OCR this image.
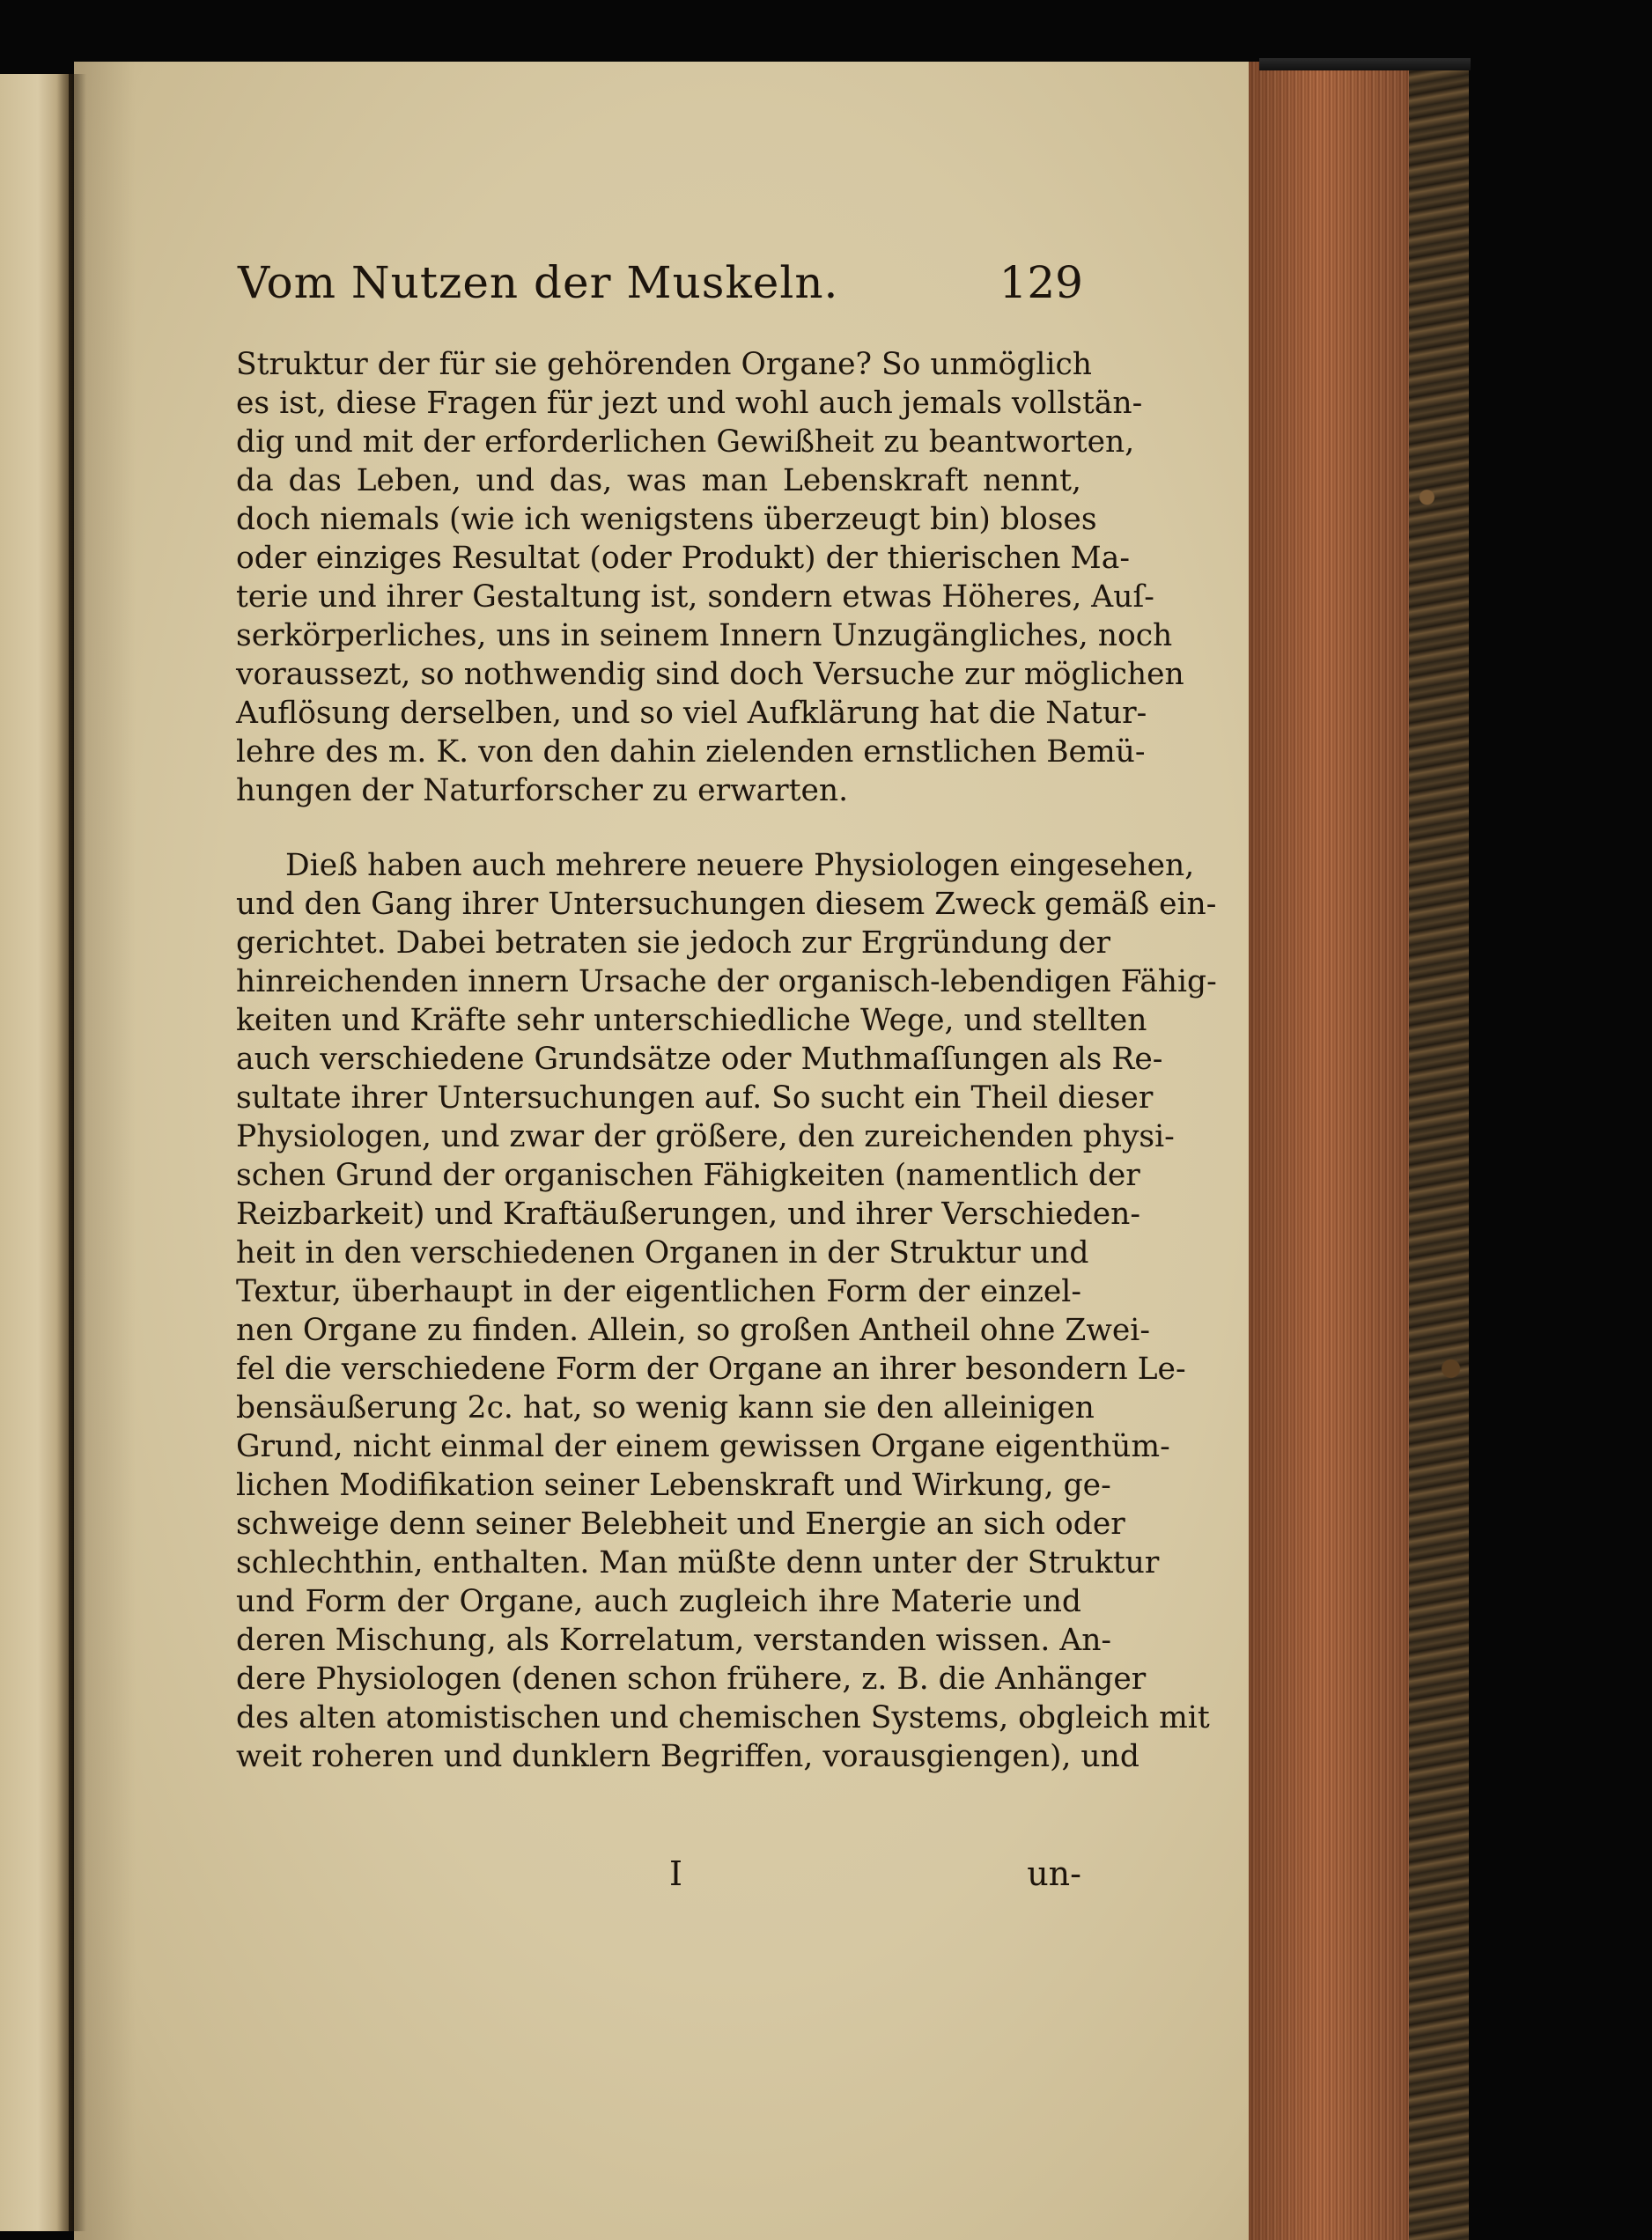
Vom Nutzen der Muskeln.	129
Struktur der für sie gehörenden Organe? So unmöglich
es ist, diese Fragen für jezt und wohl auch jemals vollstän-
dig und mit der erforderlichen Gewißheit zu beantworten,
da das Leben, und das, was man Lebenskraft nennt,
doch niemals (wie ich wenigstens überzeugt bin) bloses
oder einziges Resultat (oder Produkt) der thierischen Ma-
terie und ihrer Gestaltung ist, sondern etwas Höheres, Auſ-
serkörperliches, uns in seinem Innern Unzugängliches, noch
voraussezt, so nothwendig sind doch Versuche zur möglichen
Auflösung derselben, und so viel Aufklärung hat die Natur-
lehre des m. K. von den dahin zielenden ernstlichen Bemü-
hungen der Naturforscher zu erwarten.
Dieß haben auch mehrere neuere Physiologen eingesehen,
und den Gang ihrer Untersuchungen diesem Zweck gemäß ein-
gerichtet. Dabei betraten sie jedoch zur Ergründung der
hinreichenden innern Ursache der organisch-lebendigen Fähig-
keiten und Kräfte sehr unterschiedliche Wege, und stellten
auch verschiedene Grundsätze oder Muthmaſſungen als Re-
sultate ihrer Untersuchungen auf. So sucht ein Theil dieser
Physiologen, und zwar der größere, den zureichenden physi-
schen Grund der organischen Fähigkeiten (namentlich der
Reizbarkeit) und Kraftäußerungen, und ihrer Verschieden-
heit in den verschiedenen Organen in der Struktur und
Textur, überhaupt in der eigentlichen Form der einzel-
nen Organe zu finden. Allein, so großen Antheil ohne Zwei-
fel die verschiedene Form der Organe an ihrer besondern Le-
bensäußerung 2c. hat, so wenig kann sie den alleinigen
Grund, nicht einmal der einem gewissen Organe eigenthüm-
lichen Modifikation seiner Lebenskraft und Wirkung, ge-
schweige denn seiner Belebheit und Energie an sich oder
schlechthin, enthalten. Man müßte denn unter der Struktur
und Form der Organe, auch zugleich ihre Materie und
deren Mischung, als Korrelatum, verstanden wissen. An-
dere Physiologen (denen schon frühere, z. B. die Anhänger
des alten atomistischen und chemischen Systems, obgleich mit
weit roheren und dunklern Begriffen, vorausgiengen), und
I	un-
